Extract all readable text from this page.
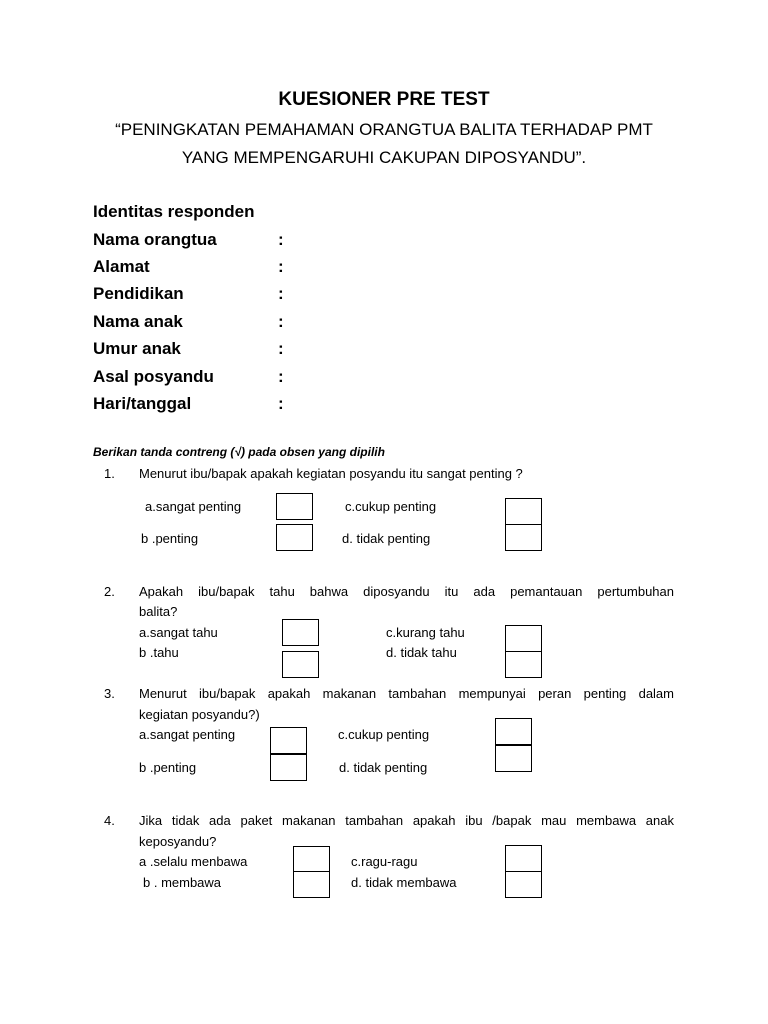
KUESIONER PRE TEST
“PENINGKATAN PEMAHAMAN ORANGTUA BALITA TERHADAP PMT
YANG MEMPENGARUHI CAKUPAN DIPOSYANDU”.
Identitas responden
Nama orangtua	:
Alamat	:
Pendidikan	:
Nama anak	:
Umur anak	:
Asal posyandu	:
Hari/tanggal	:
Berikan tanda contreng (√) pada obsen yang dipilih
1. Menurut ibu/bapak apakah kegiatan posyandu itu sangat penting ?
a.sangat penting	c.cukup penting
b .penting	d. tidak penting
2. Apakah ibu/bapak tahu bahwa diposyandu itu ada pemantauan pertumbuhan
balita?
a.sangat tahu	c.kurang tahu
b .tahu	d. tidak tahu
3. Menurut ibu/bapak apakah makanan tambahan mempunyai peran penting dalam
kegiatan posyandu?)
a.sangat penting	c.cukup penting
b .penting	d. tidak penting
4. Jika tidak ada paket makanan tambahan apakah ibu /bapak mau membawa anak
keposyandu?
a .selalu menbawa	c.ragu-ragu
b . membawa	d. tidak membawa
